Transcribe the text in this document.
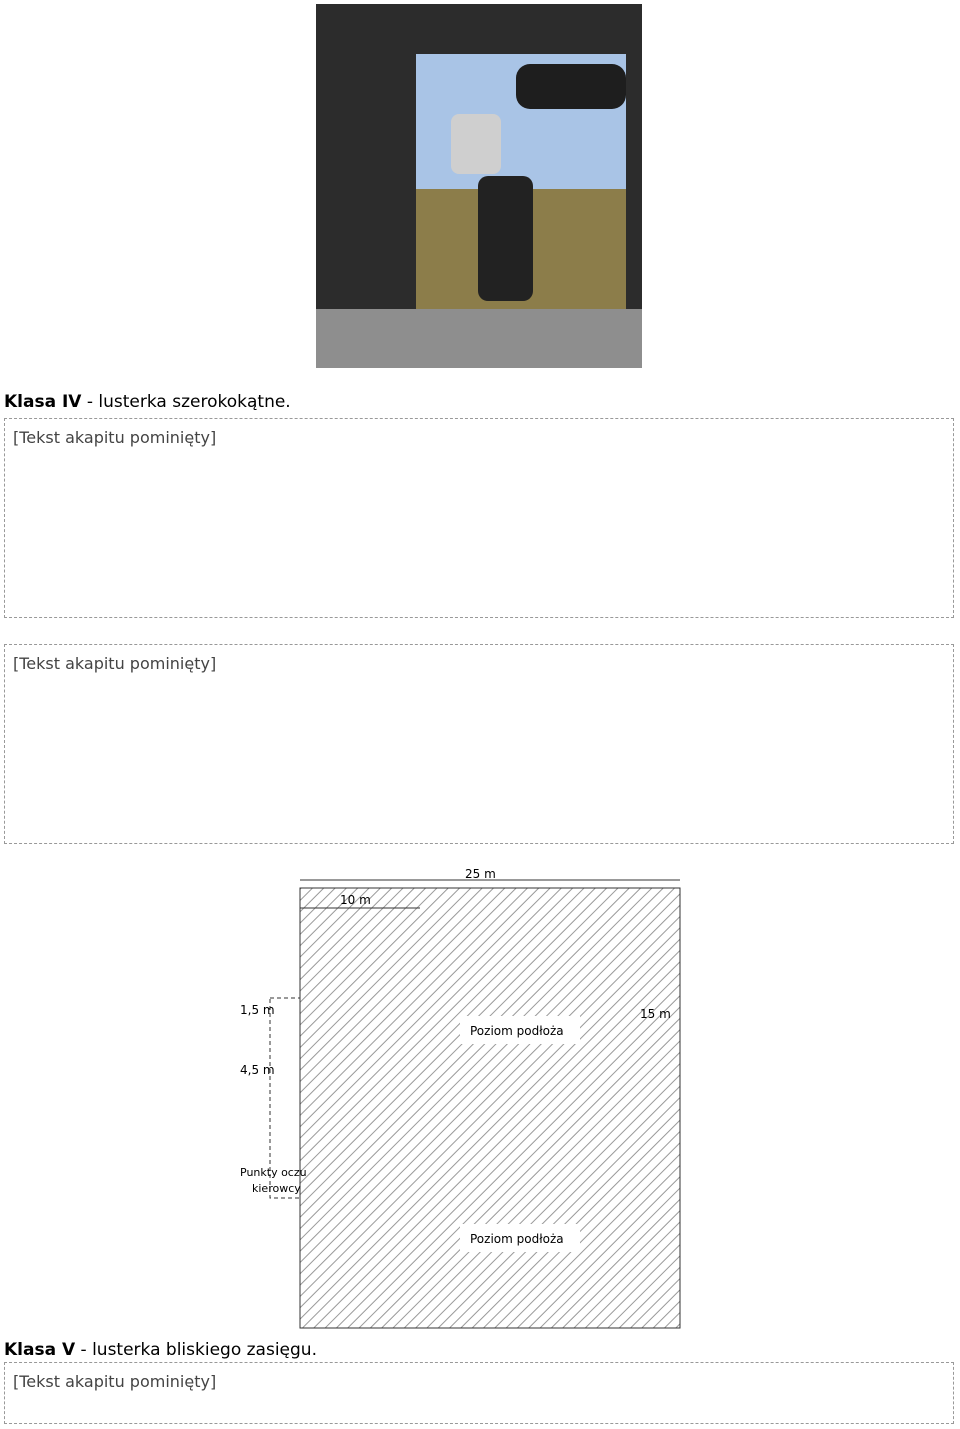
Klasa IV - lusterka szerokokątne.
[Tekst akapitu pominięty]
[Tekst akapitu pominięty]
25 m
10 m
15 m
1,5 m
4,5 m
Poziom podłoża
Poziom podłoża
Punkty oczu
kierowcy
Klasa V - lusterka bliskiego zasięgu.
[Tekst akapitu pominięty]
